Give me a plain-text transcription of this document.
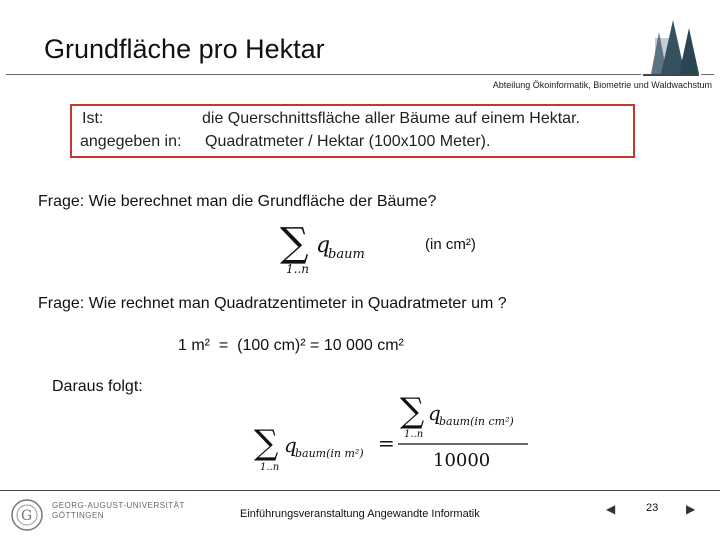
Grundfläche pro Hektar
Abteilung Ökoinformatik, Biometrie und Waldwachstum
Ist:	die Querschnittsfläche aller Bäume auf einem Hektar.
angegeben in: Quadratmeter / Hektar (100x100 Meter).
Frage: Wie berechnet man die Grundfläche der Bäume?
∑ q
baum
1..n
(in cm²)
Frage: Wie rechnet man Quadratzentimeter in Quadratmeter um ?
1 m²  =  (100 cm)² = 10 000 cm²
Daraus folgt:
∑ q
baum(in m²)
1..n
=
∑ q
baum(in cm²)
1..n
10000
G
GEORG-AUGUST-UNIVERSITÄT
GÖTTINGEN	Einführungsveranstaltung Angewandte Informatik	◀	23 ▶
